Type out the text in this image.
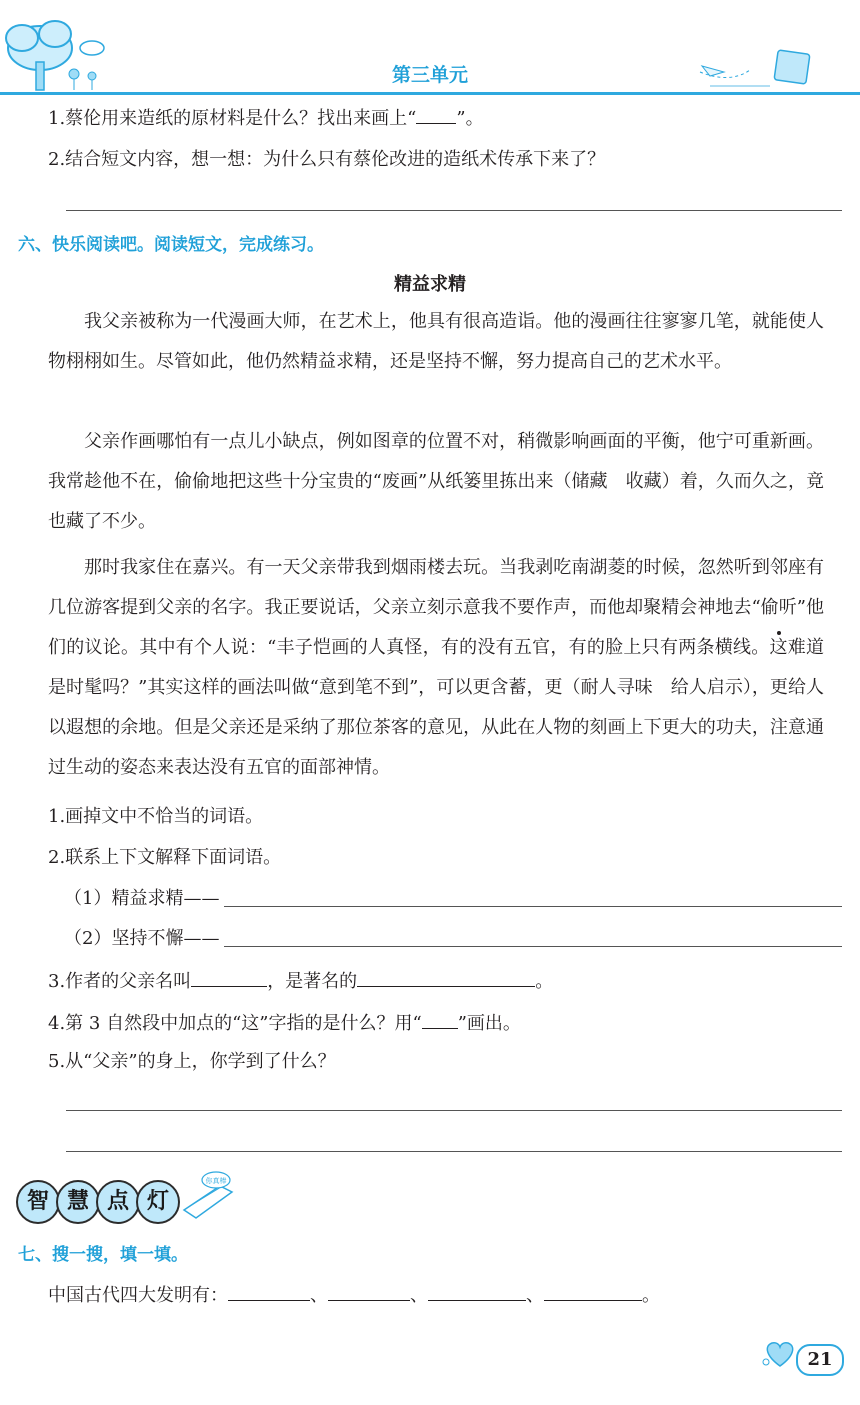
第三单元
1.蔡伦用来造纸的原材料是什么？找出来画上“ ”。
2.结合短文内容，想一想：为什么只有蔡伦改进的造纸术传承下来了？
六、快乐阅读吧。阅读短文，完成练习。
精益求精
我父亲被称为一代漫画大师，在艺术上，他具有很高造诣。他的漫画往往寥寥几笔，就能使人物栩栩如生。尽管如此，他仍然精益求精，还是坚持不懈，努力提高自己的艺术水平。
父亲作画哪怕有一点儿小缺点，例如图章的位置不对，稍微影响画面的平衡，他宁可重新画。我常趁他不在，偷偷地把这些十分宝贵的“废画”从纸篓里拣出来（储藏　收藏）着，久而久之，竟也藏了不少。
那时我家住在嘉兴。有一天父亲带我到烟雨楼去玩。当我剥吃南湖菱的时候，忽然听到邻座有几位游客提到父亲的名字。我正要说话，父亲立刻示意我不要作声，而他却聚精会神地去“偷听”他们的议论。其中有个人说：“丰子恺画的人真怪，有的没有五官，有的脸上只有两条横线。这难道是时髦吗？”其实这样的画法叫做“意到笔不到”，可以更含蓄，更（耐人寻味　给人启示），更给人以遐想的余地。但是父亲还是采纳了那位茶客的意见，从此在人物的刻画上下更大的功夫，注意通过生动的姿态来表达没有五官的面部神情。
1.画掉文中不恰当的词语。
2.联系上下文解释下面词语。
（1）精益求精——
（2）坚持不懈——
3.作者的父亲名叫	，是著名的	。
4.第 3 自然段中加点的“这”字指的是什么？用“ ”画出。
5.从“父亲”的身上，你学到了什么？
智 慧 点 灯
你真棒
七、搜一搜，填一填。
中国古代四大发明有：	、	、	、	。
21
